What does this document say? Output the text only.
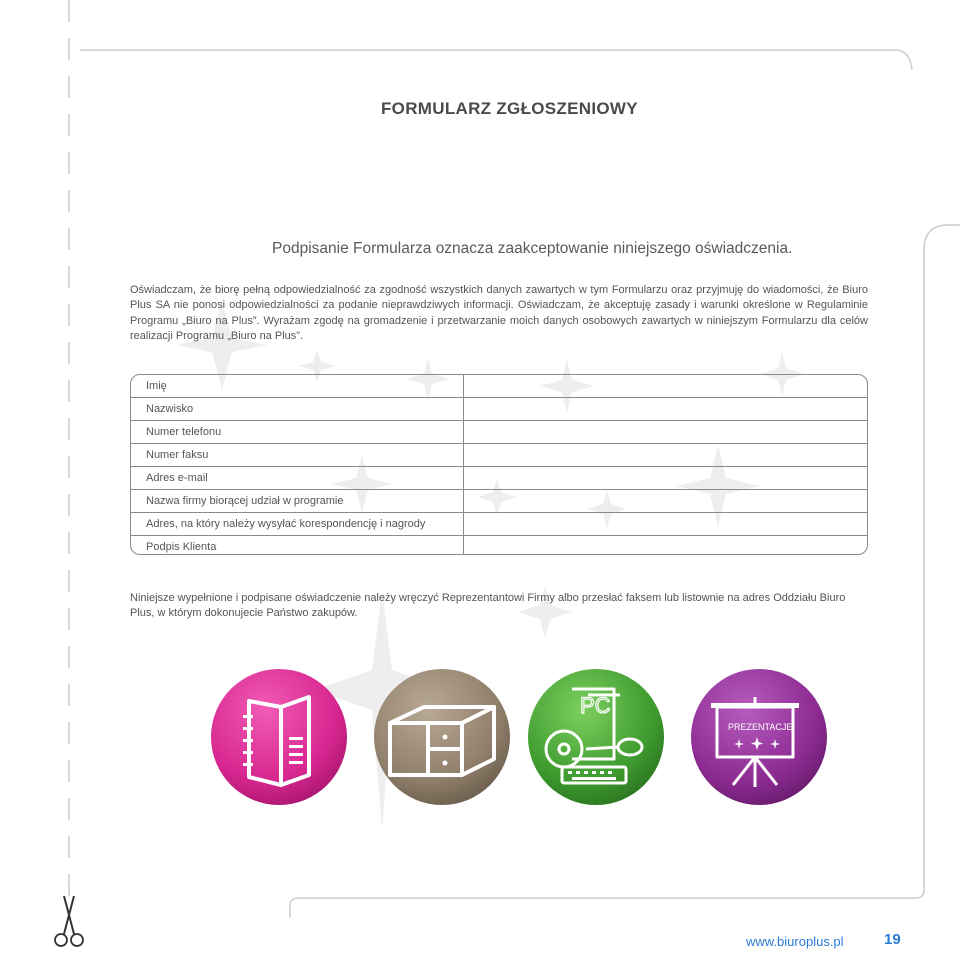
FORMULARZ ZGŁOSZENIOWY
Podpisanie Formularza oznacza zaakceptowanie niniejszego oświadczenia.
Oświadczam, że biorę pełną odpowiedzialność za zgodność wszystkich danych zawartych w tym Formularzu oraz przyjmuję do wiadomości, że Biuro Plus SA nie ponosi odpowiedzialności za podanie nieprawdziwych informacji. Oświadczam, że akceptuję zasady i warunki określone w Regulaminie Programu „Biuro na Plus”. Wyrażam zgodę na gromadzenie i przetwarzanie moich danych osobowych zawartych w niniejszym Formularzu dla celów realizacji Programu „Biuro na Plus”.
Imię
Nazwisko
Numer telefonu
Numer faksu
Adres e-mail
Nazwa firmy biorącej udział w programie
Adres, na który należy wysyłać korespondencję i nagrody
Podpis Klienta
Niniejsze wypełnione i podpisane oświadczenie należy wręczyć Reprezentantowi Firmy albo przesłać faksem lub listownie na adres Oddziału Biuro Plus, w którym dokonujecie Państwo zakupów.
PC
PREZENTACJE
www.biuroplus.pl	19
